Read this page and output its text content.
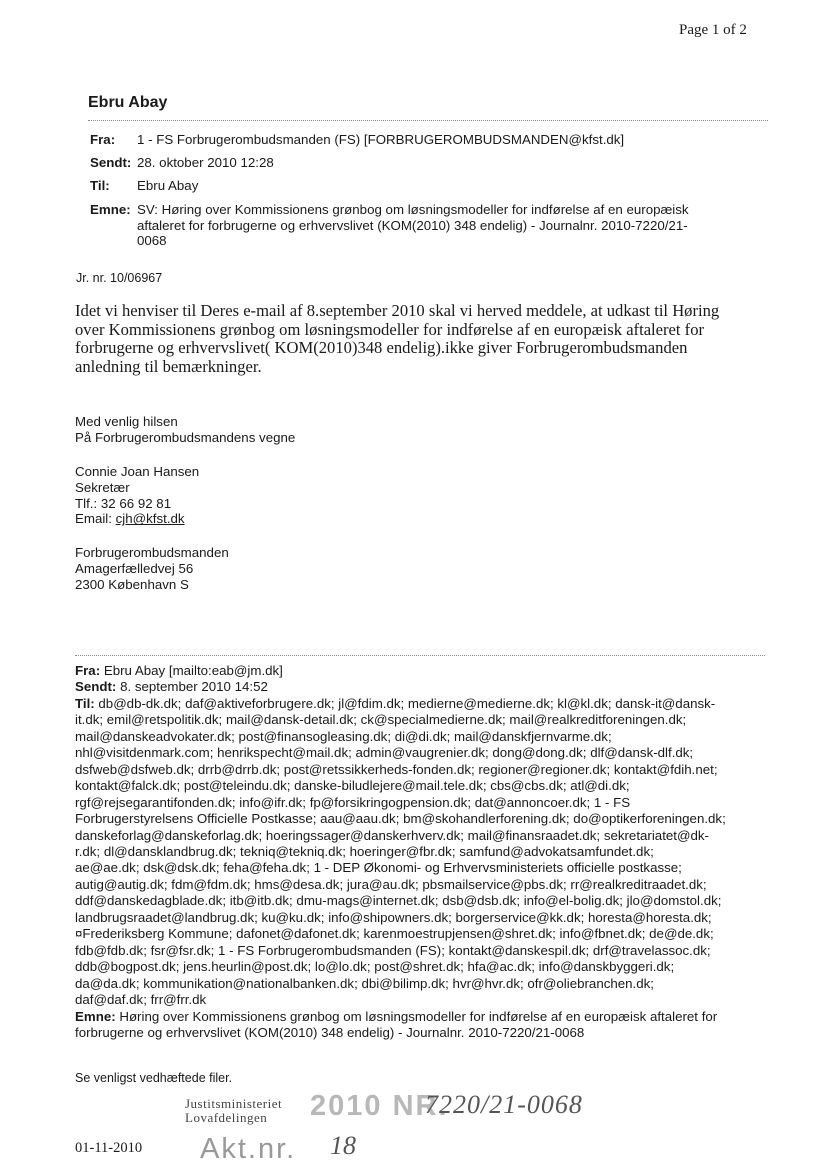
Page 1 of 2
Ebru Abay
Fra:	1 - FS Forbrugerombudsmanden (FS) [FORBRUGEROMBUDSMANDEN@kfst.dk]
Sendt: 28. oktober 2010 12:28
Til:	Ebru Abay
Emne: SV: Høring over Kommissionens grønbog om løsningsmodeller for indførelse af en europæisk
aftaleret for forbrugerne og erhvervslivet (KOM(2010) 348 endelig) - Journalnr. 2010-7220/21-
0068
Jr. nr. 10/06967
Idet vi henviser til Deres e-mail af 8.september 2010 skal vi herved meddele, at udkast til Høring
over Kommissionens grønbog om løsningsmodeller for indførelse af en europæisk aftaleret for
forbrugerne og erhvervslivet( KOM(2010)348 endelig).ikke giver Forbrugerombudsmanden
anledning til bemærkninger.
Med venlig hilsen
På Forbrugerombudsmandens vegne
Connie Joan Hansen
Sekretær
Tlf.: 32 66 92 81
Email: cjh@kfst.dk
Forbrugerombudsmanden
Amagerfælledvej 56
2300 København S
Fra: Ebru Abay [mailto:eab@jm.dk]
Sendt: 8. september 2010 14:52
Til: db@db-dk.dk; daf@aktiveforbrugere.dk; jl@fdim.dk; medierne@medierne.dk; kl@kl.dk; dansk-it@dansk-
it.dk; emil@retspolitik.dk; mail@dansk-detail.dk; ck@specialmedierne.dk; mail@realkreditforeningen.dk;
mail@danskeadvokater.dk; post@finansogleasing.dk; di@di.dk; mail@danskfjernvarme.dk;
nhl@visitdenmark.com; henrikspecht@mail.dk; admin@vaugrenier.dk; dong@dong.dk; dlf@dansk-dlf.dk;
dsfweb@dsfweb.dk; drrb@drrb.dk; post@retssikkerheds-fonden.dk; regioner@regioner.dk; kontakt@fdih.net;
kontakt@falck.dk; post@teleindu.dk; danske-biludlejere@mail.tele.dk; cbs@cbs.dk; atl@di.dk;
rgf@rejsegarantifonden.dk; info@ifr.dk; fp@forsikringogpension.dk; dat@annoncoer.dk; 1 - FS
Forbrugerstyrelsens Officielle Postkasse; aau@aau.dk; bm@skohandlerforening.dk; do@optikerforeningen.dk;
danskeforlag@danskeforlag.dk; hoeringssager@danskerhverv.dk; mail@finansraadet.dk; sekretariatet@dk-
r.dk; dl@dansklandbrug.dk; tekniq@tekniq.dk; hoeringer@fbr.dk; samfund@advokatsamfundet.dk;
ae@ae.dk; dsk@dsk.dk; feha@feha.dk; 1 - DEP Økonomi- og Erhvervsministeriets officielle postkasse;
autig@autig.dk; fdm@fdm.dk; hms@desa.dk; jura@au.dk; pbsmailservice@pbs.dk; rr@realkreditraadet.dk;
ddf@danskedagblade.dk; itb@itb.dk; dmu-mags@internet.dk; dsb@dsb.dk; info@el-bolig.dk; jlo@domstol.dk;
landbrugsraadet@landbrug.dk; ku@ku.dk; info@shipowners.dk; borgerservice@kk.dk; horesta@horesta.dk;
¤Frederiksberg Kommune; dafonet@dafonet.dk; karenmoestrupjensen@shret.dk; info@fbnet.dk; de@de.dk;
fdb@fdb.dk; fsr@fsr.dk; 1 - FS Forbrugerombudsmanden (FS); kontakt@danskespil.dk; drf@travelassoc.dk;
ddb@bogpost.dk; jens.heurlin@post.dk; lo@lo.dk; post@shret.dk; hfa@ac.dk; info@danskbyggeri.dk;
da@da.dk; kommunikation@nationalbanken.dk; dbi@bilimp.dk; hvr@hvr.dk; ofr@oliebranchen.dk;
daf@daf.dk; frr@frr.dk
Emne: Høring over Kommissionens grønbog om løsningsmodeller for indførelse af en europæisk aftaleret for
forbrugerne og erhvervslivet (KOM(2010) 348 endelig) - Journalnr. 2010-7220/21-0068
Se venligst vedhæftede filer.
Justitsministeriet
Lovafdelingen	2010 NR.
7220/21-0068
Akt.nr. 18
01-11-2010
